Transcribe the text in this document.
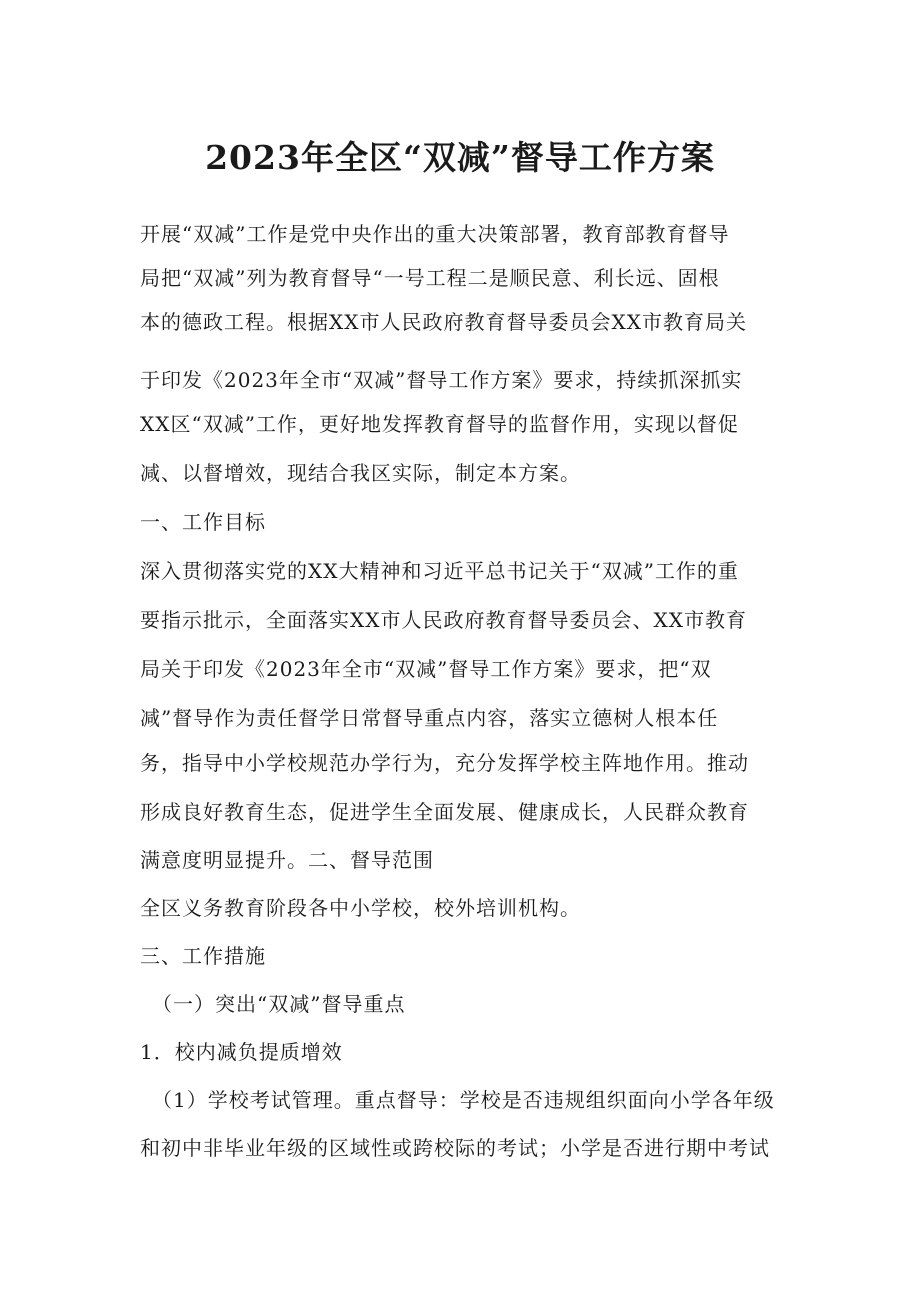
2023年全区“双减”督导工作方案
开展“双减”工作是党中央作出的重大决策部署，教育部教育督导
局把“双减”列为教育督导“一号工程二是顺民意、利长远、固根
本的德政工程。根据XX市人民政府教育督导委员会XX市教育局关
于印发《2023年全市“双减”督导工作方案》要求，持续抓深抓实
XX区“双减”工作，更好地发挥教育督导的监督作用，实现以督促
减、以督增效，现结合我区实际，制定本方案。
一、工作目标
深入贯彻落实党的XX大精神和习近平总书记关于“双减”工作的重
要指示批示，全面落实XX市人民政府教育督导委员会、XX市教育
局关于印发《2023年全市“双减”督导工作方案》要求，把“双
减”督导作为责任督学日常督导重点内容，落实立德树人根本任
务，指导中小学校规范办学行为，充分发挥学校主阵地作用。推动
形成良好教育生态，促进学生全面发展、健康成长，人民群众教育
满意度明显提升。二、督导范围
全区义务教育阶段各中小学校，校外培训机构。
三、工作措施
（一）突出“双减”督导重点
1．校内减负提质增效
（1）学校考试管理。重点督导：学校是否违规组织面向小学各年级
和初中非毕业年级的区域性或跨校际的考试；小学是否进行期中考试
